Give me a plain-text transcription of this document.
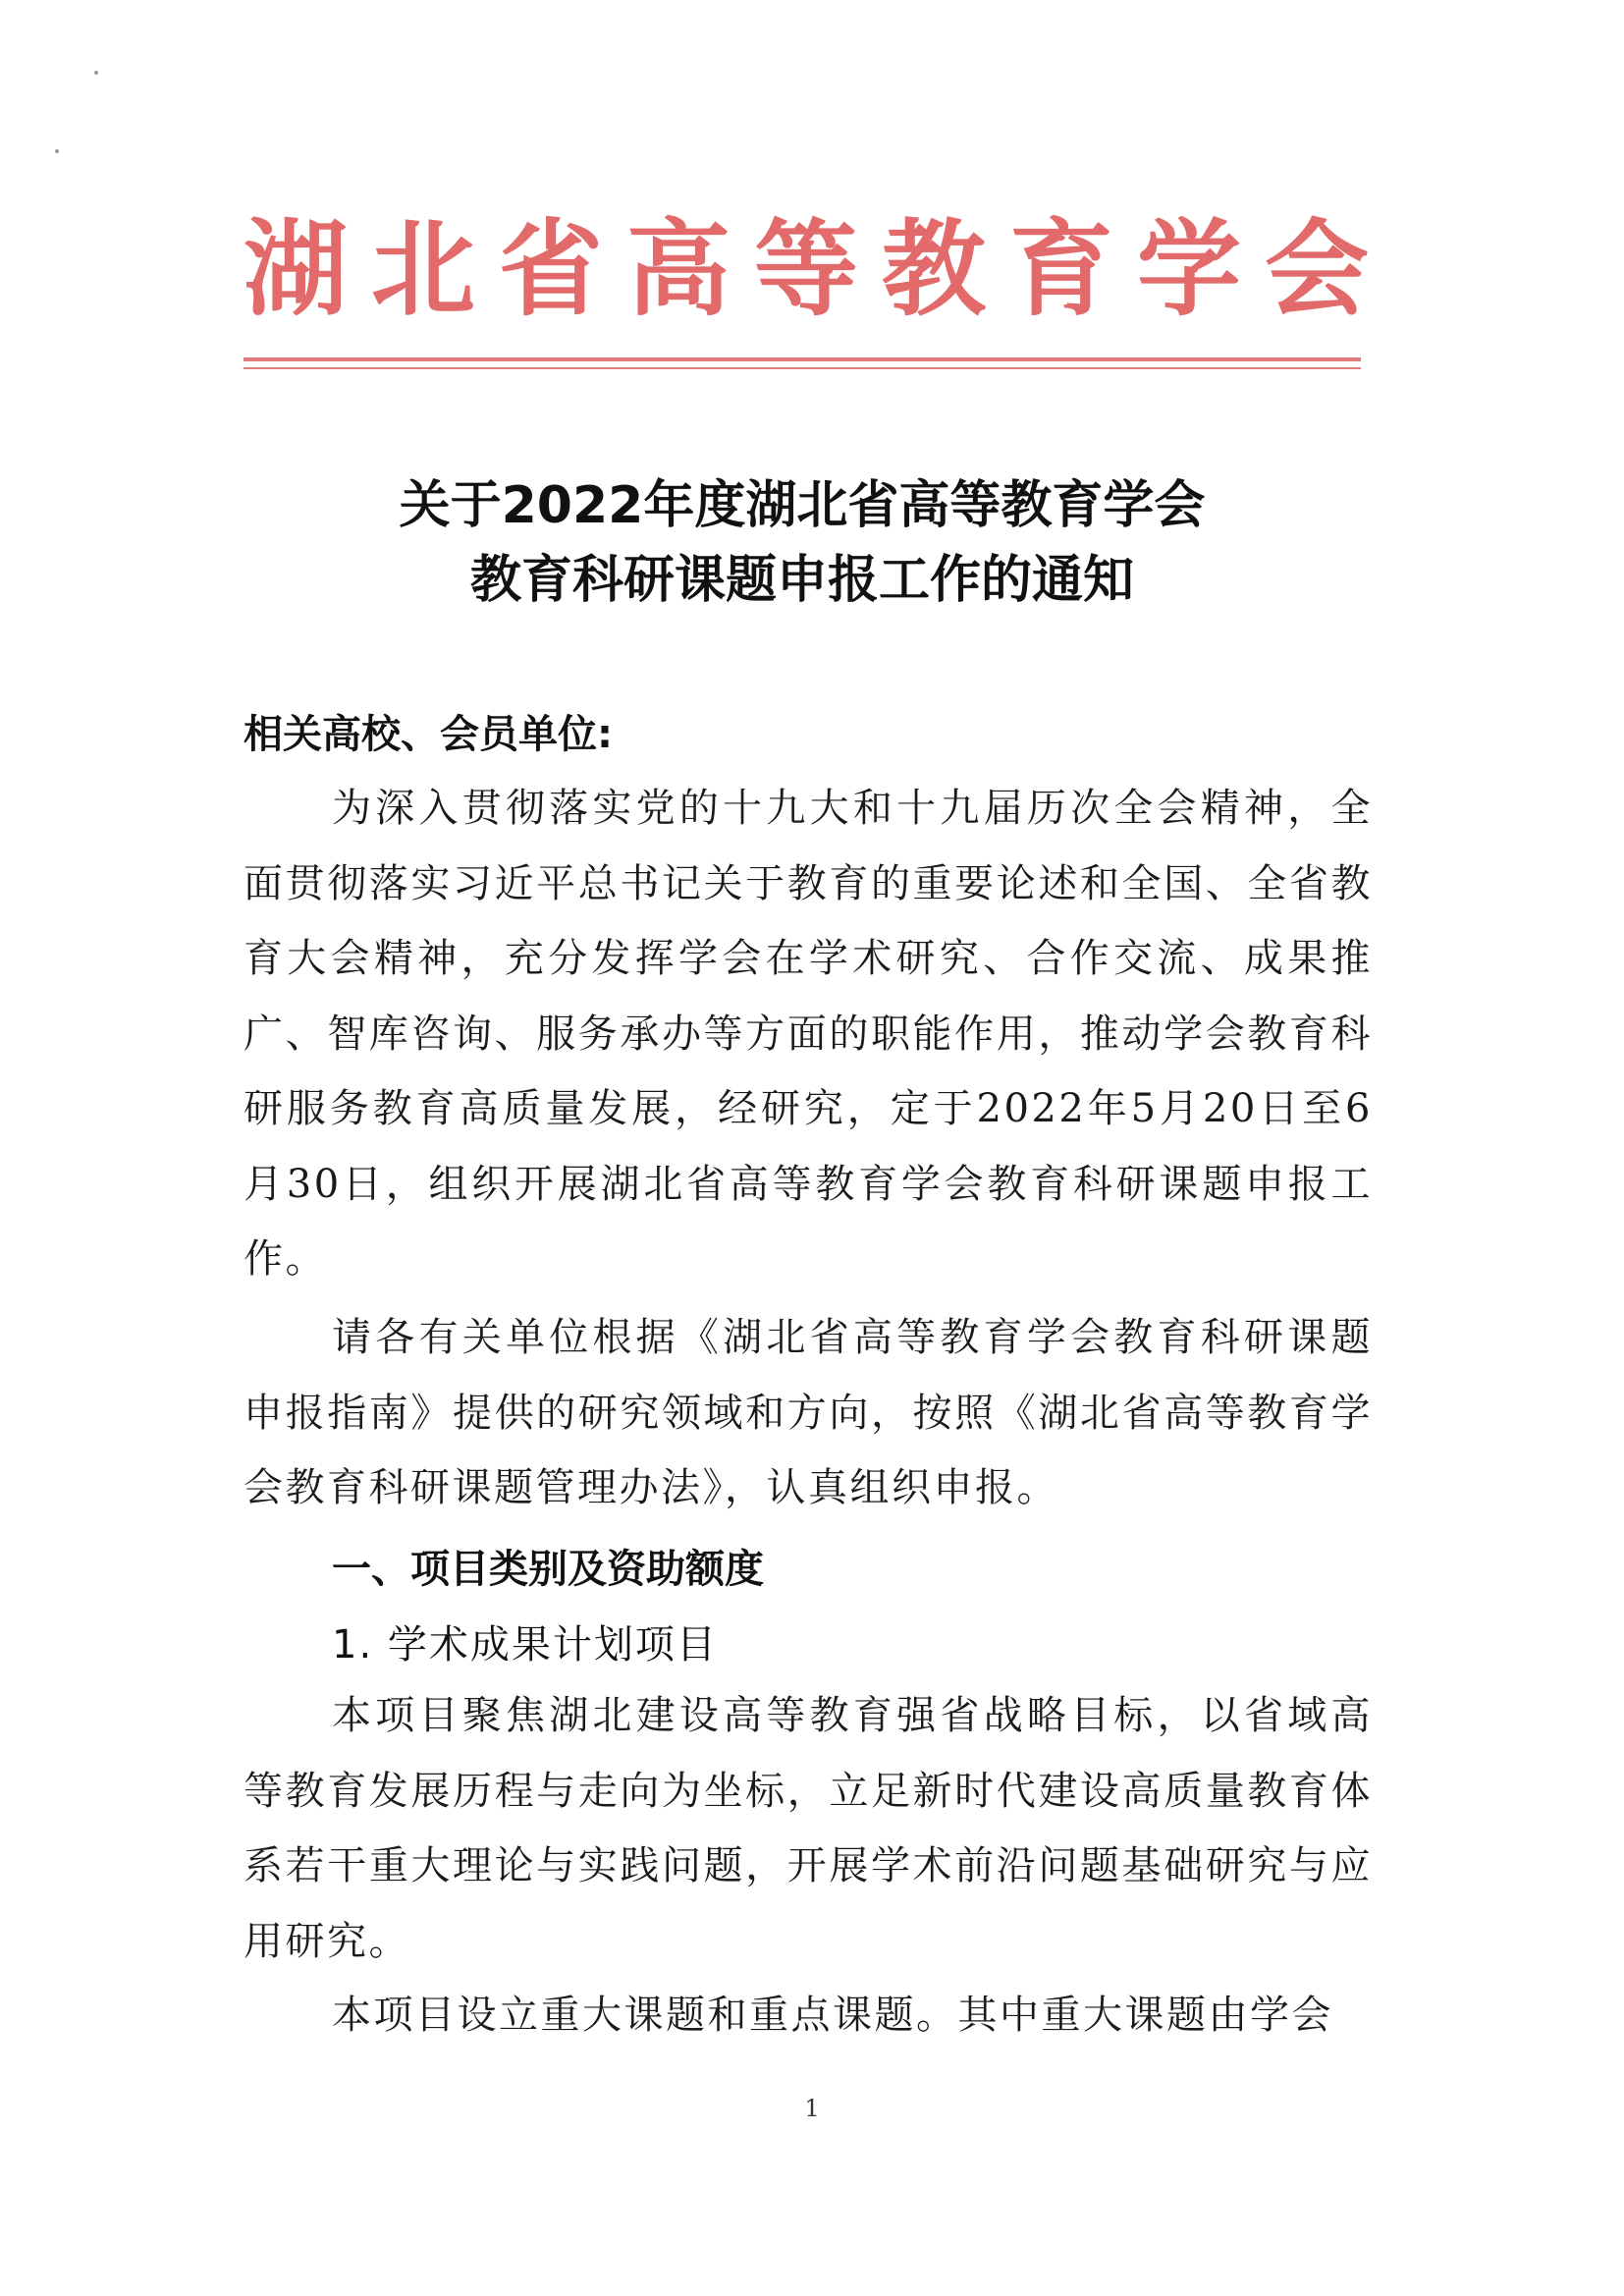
湖北省高等教育学会
关于2022年度湖北省高等教育学会
教育科研课题申报工作的通知
相关高校、会员单位:

为深入贯彻落实党的十九大和十九届历次全会精神，全面贯彻落实习近平总书记关于教育的重要论述和全国、全省教育大会精神，充分发挥学会在学术研究、合作交流、成果推广、智库咨询、服务承办等方面的职能作用，推动学会教育科研服务教育高质量发展，经研究，定于2022年5月20日至6月30日，组织开展湖北省高等教育学会教育科研课题申报工作。

请各有关单位根据《湖北省高等教育学会教育科研课题申报指南》提供的研究领域和方向，按照《湖北省高等教育学会教育科研课题管理办法》，认真组织申报。

一、项目类别及资助额度
1. 学术成果计划项目

本项目聚焦湖北建设高等教育强省战略目标，以省域高等教育发展历程与走向为坐标，立足新时代建设高质量教育体系若干重大理论与实践问题，开展学术前沿问题基础研究与应用研究。

本项目设立重大课题和重点课题。其中重大课题由学会

1
